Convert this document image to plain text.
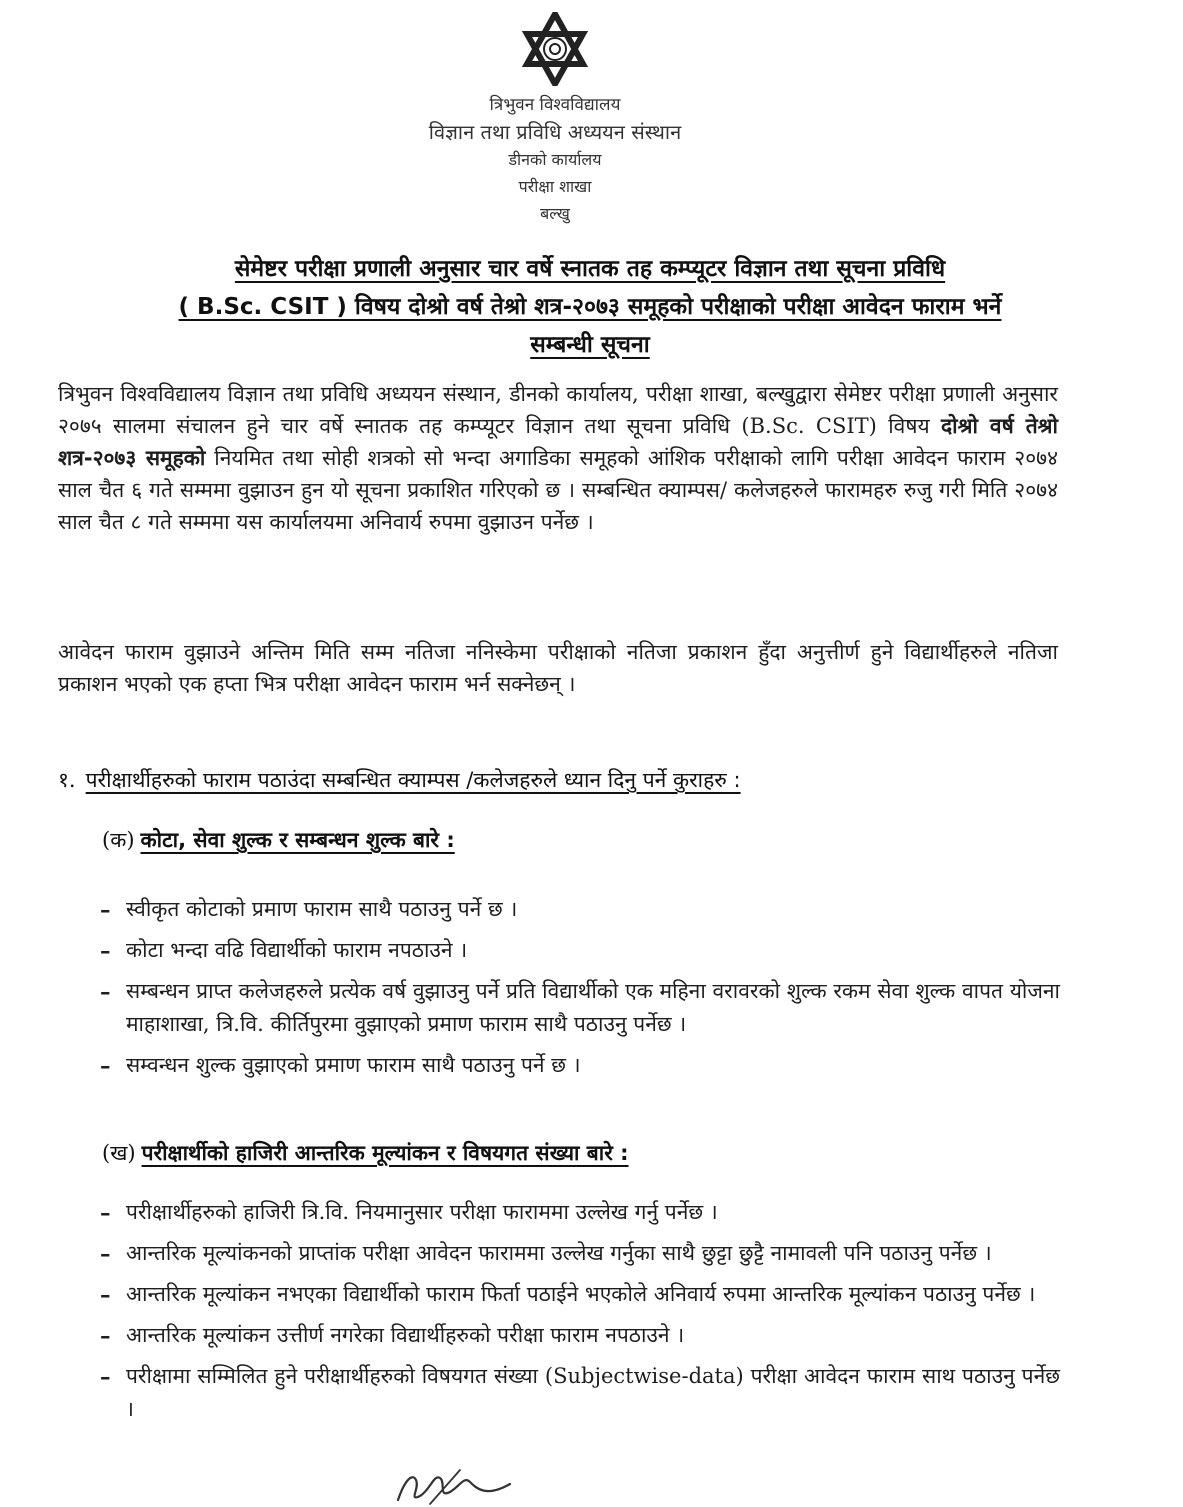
त्रिभुवन विश्वविद्यालय
विज्ञान तथा प्रविधि अध्ययन संस्थान
डीनको कार्यालय
परीक्षा शाखा
बल्खु
सेमेष्टर परीक्षा प्रणाली अनुसार चार वर्षे स्नातक तह कम्प्यूटर विज्ञान तथा सूचना प्रविधि
( B.Sc. CSIT ) विषय दोश्रो वर्ष तेश्रो शत्र-२०७३ समूहको परीक्षाको परीक्षा आवेदन फाराम भर्ने
सम्बन्धी सूचना
त्रिभुवन विश्वविद्यालय विज्ञान तथा प्रविधि अध्ययन संस्थान, डीनको कार्यालय, परीक्षा शाखा, बल्खुद्वारा सेमेष्टर परीक्षा प्रणाली अनुसार २०७५ सालमा संचालन हुने चार वर्षे स्नातक तह कम्प्यूटर विज्ञान तथा सूचना प्रविधि (B.Sc. CSIT) विषय दोश्रो वर्ष तेश्रो शत्र-२०७३ समूहको नियमित तथा सोही शत्रको सो भन्दा अगाडिका समूहको आंशिक परीक्षाको लागि परीक्षा आवेदन फाराम २०७४ साल चैत ६ गते सम्ममा वुझाउन हुन यो सूचना प्रकाशित गरिएको छ । सम्बन्धित क्याम्पस/ कलेजहरुले फारामहरु रुजु गरी मिति २०७४ साल चैत ८ गते सम्ममा यस कार्यालयमा अनिवार्य रुपमा वुझाउन पर्नेछ ।
आवेदन फाराम वुझाउने अन्तिम मिति सम्म नतिजा ननिस्केमा परीक्षाको नतिजा प्रकाशन हुँदा अनुत्तीर्ण हुने विद्यार्थीहरुले नतिजा प्रकाशन भएको एक हप्ता भित्र परीक्षा आवेदन फाराम भर्न सक्नेछन् ।
१. परीक्षार्थीहरुको फाराम पठाउंदा सम्बन्धित क्याम्पस /कलेजहरुले ध्यान दिनु पर्ने कुराहरु :
(क) कोटा, सेवा शुल्क र सम्बन्धन शुल्क बारे :
– स्वीकृत कोटाको प्रमाण फाराम साथै पठाउनु पर्ने छ ।
– कोटा भन्दा वढि विद्यार्थीको फाराम नपठाउने ।
– सम्बन्धन प्राप्त कलेजहरुले प्रत्येक वर्ष वुझाउनु पर्ने प्रति विद्यार्थीको एक महिना वरावरको शुल्क रकम सेवा शुल्क वापत योजना माहाशाखा, त्रि.वि. कीर्तिपुरमा वुझाएको प्रमाण फाराम साथै पठाउनु पर्नेछ ।
– सम्वन्धन शुल्क वुझाएको प्रमाण फाराम साथै पठाउनु पर्ने छ ।
(ख) परीक्षार्थीको हाजिरी आन्तरिक मूल्यांकन र विषयगत संख्या बारे :
– परीक्षार्थीहरुको हाजिरी त्रि.वि. नियमानुसार परीक्षा फाराममा उल्लेख गर्नु पर्नेछ ।
– आन्तरिक मूल्यांकनको प्राप्तांक परीक्षा आवेदन फाराममा उल्लेख गर्नुका साथै छुट्टा छुट्टै नामावली पनि पठाउनु पर्नेछ ।
– आन्तरिक मूल्यांकन नभएका विद्यार्थीको फाराम फिर्ता पठाईने भएकोले अनिवार्य रुपमा आन्तरिक मूल्यांकन पठाउनु पर्नेछ ।
– आन्तरिक मूल्यांकन उत्तीर्ण नगरेका विद्यार्थीहरुको परीक्षा फाराम नपठाउने ।
– परीक्षामा सम्मिलित हुने परीक्षार्थीहरुको विषयगत संख्या (Subjectwise-data) परीक्षा आवेदन फाराम साथ पठाउनु पर्नेछ ।
